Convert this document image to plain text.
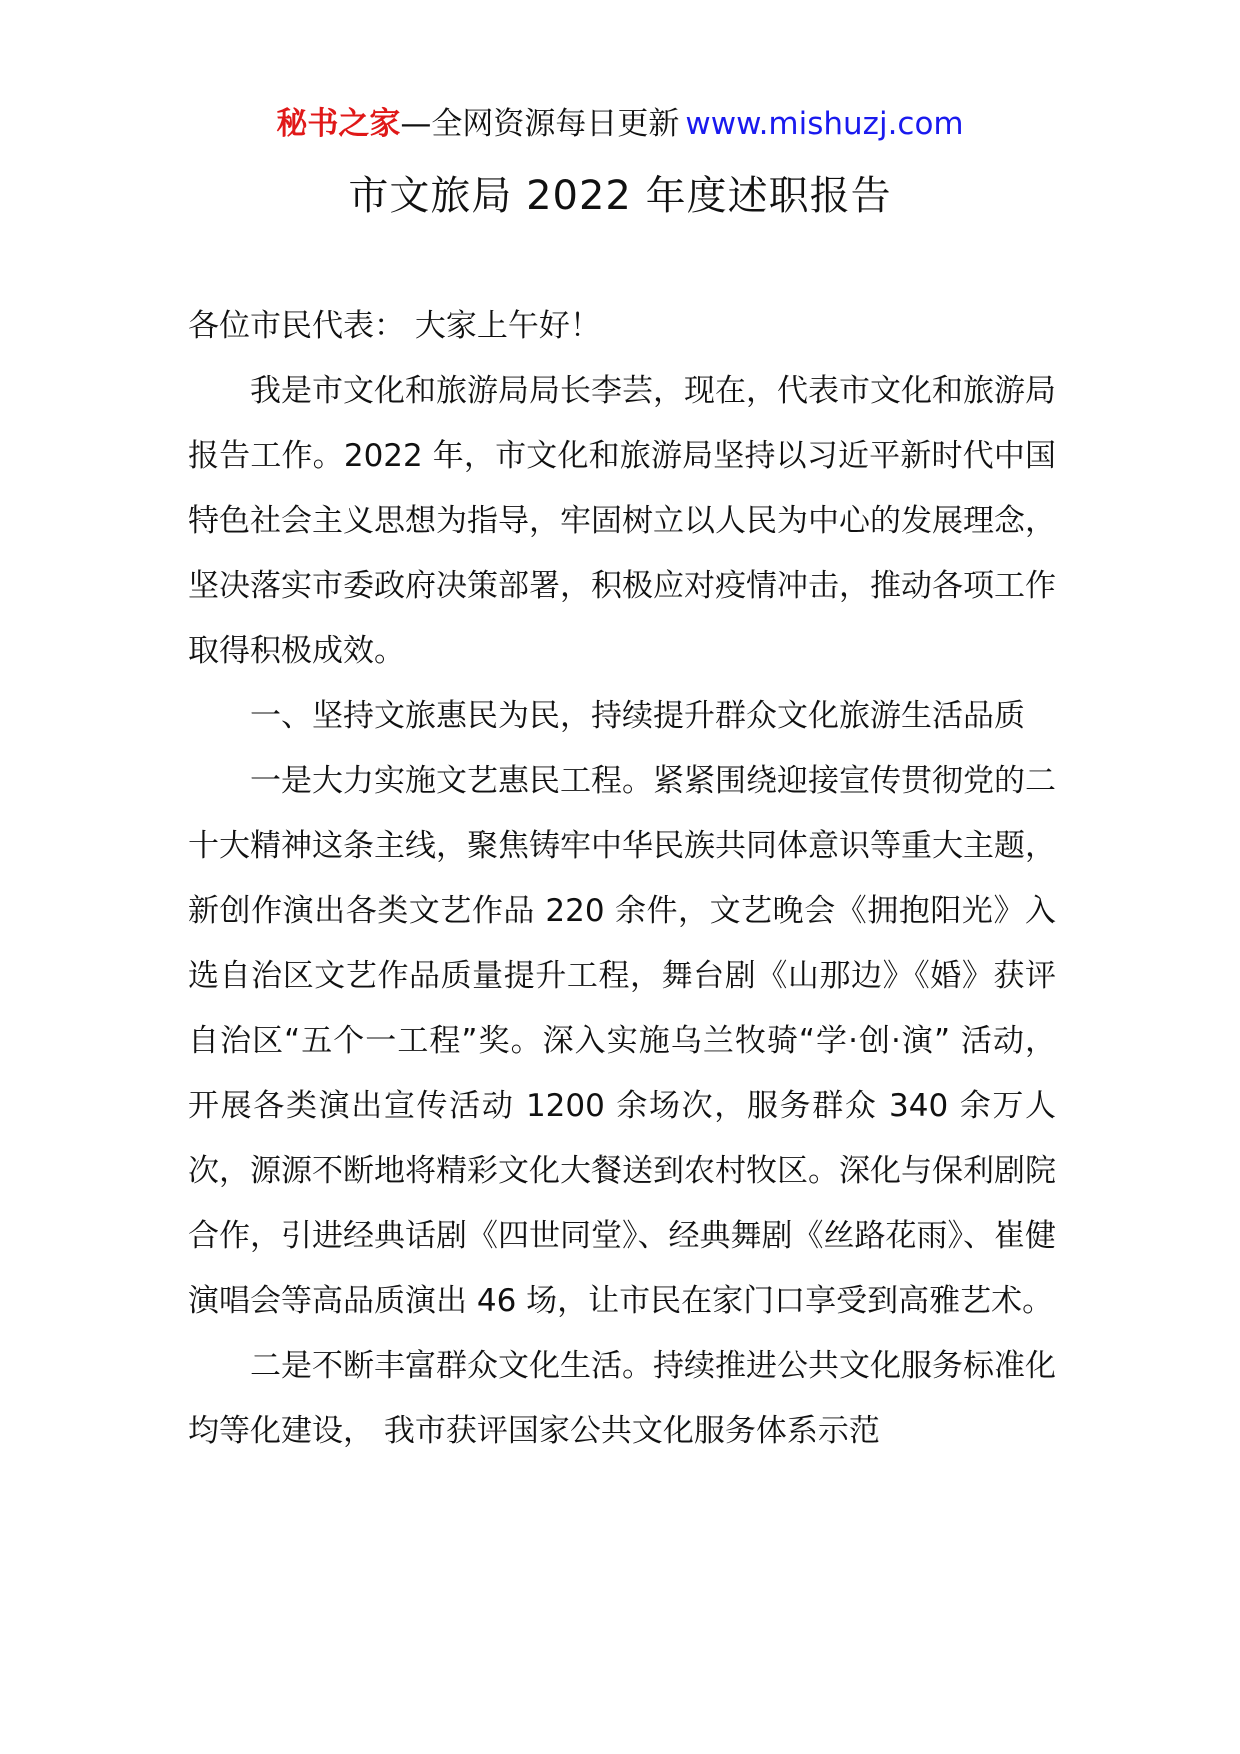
秘书之家—全网资源每日更新 www.mishuzj.com
市文旅局 2022 年度述职报告

各位市民代表： 大家上午好！

我是市文化和旅游局局长李芸，现在，代表市文化和旅游局报告工作。2022 年，市文化和旅游局坚持以习近平新时代中国特色社会主义思想为指导，牢固树立以人民为中心的发展理念，坚决落实市委政府决策部署，积极应对疫情冲击，推动各项工作取得积极成效。

一、坚持文旅惠民为民，持续提升群众文化旅游生活品质

一是大力实施文艺惠民工程。紧紧围绕迎接宣传贯彻党的二十大精神这条主线，聚焦铸牢中华民族共同体意识等重大主题，新创作演出各类文艺作品 220 余件，文艺晚会《拥抱阳光》入选自治区文艺作品质量提升工程，舞台剧《山那边》《婚》获评自治区“五个一工程”奖。深入实施乌兰牧骑“学·创·演” 活动，开展各类演出宣传活动 1200 余场次，服务群众 340 余万人次，源源不断地将精彩文化大餐送到农村牧区。深化与保利剧院合作，引进经典话剧《四世同堂》、经典舞剧《丝路花雨》、崔健演唱会等高品质演出 46 场，让市民在家门口享受到高雅艺术。

二是不断丰富群众文化生活。持续推进公共文化服务标准化均等化建设， 我市获评国家公共文化服务体系示范
